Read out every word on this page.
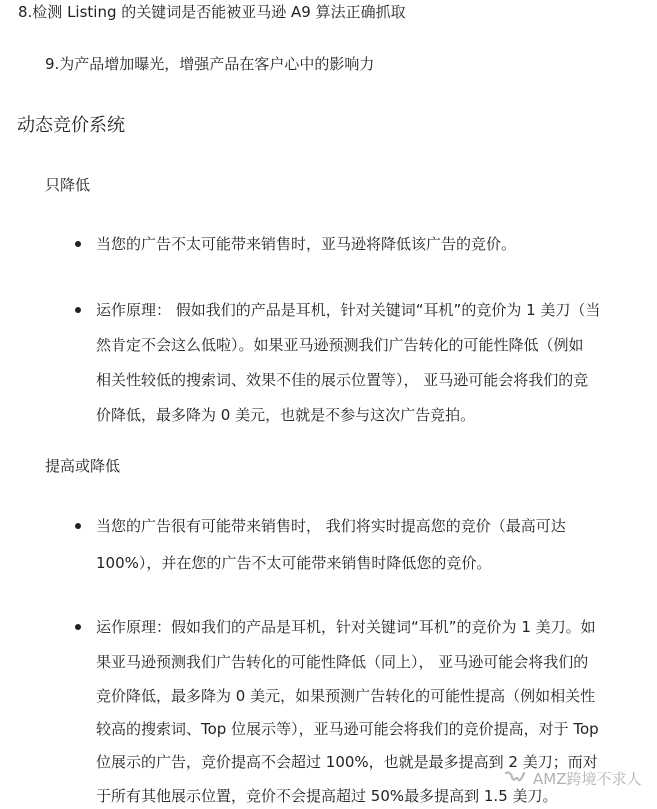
8.检测 Listing 的关键词是否能被亚马逊 A9 算法正确抓取
9.为产品增加曝光，增强产品在客户心中的影响力
动态竞价系统
只降低
当您的广告不太可能带来销售时，亚马逊将降低该广告的竞价。
运作原理： 假如我们的产品是耳机，针对关键词“耳机”的竞价为 1 美刀（当
然肯定不会这么低啦）。如果亚马逊预测我们广告转化的可能性降低（例如
相关性较低的搜索词、效果不佳的展示位置等）， 亚马逊可能会将我们的竞
价降低，最多降为 0 美元，也就是不参与这次广告竞拍。
提高或降低
当您的广告很有可能带来销售时， 我们将实时提高您的竞价（最高可达
100%），并在您的广告不太可能带来销售时降低您的竞价。
运作原理：假如我们的产品是耳机，针对关键词“耳机”的竞价为 1 美刀。如
果亚马逊预测我们广告转化的可能性降低（同上）， 亚马逊可能会将我们的
竞价降低，最多降为 0 美元，如果预测广告转化的可能性提高（例如相关性
较高的搜索词、Top 位展示等），亚马逊可能会将我们的竞价提高，对于 Top
位展示的广告，竞价提高不会超过 100%，也就是最多提高到 2 美刀；而对
于所有其他展示位置，竞价不会提高超过 50%最多提高到 1.5 美刀。
AMZ跨境不求人
